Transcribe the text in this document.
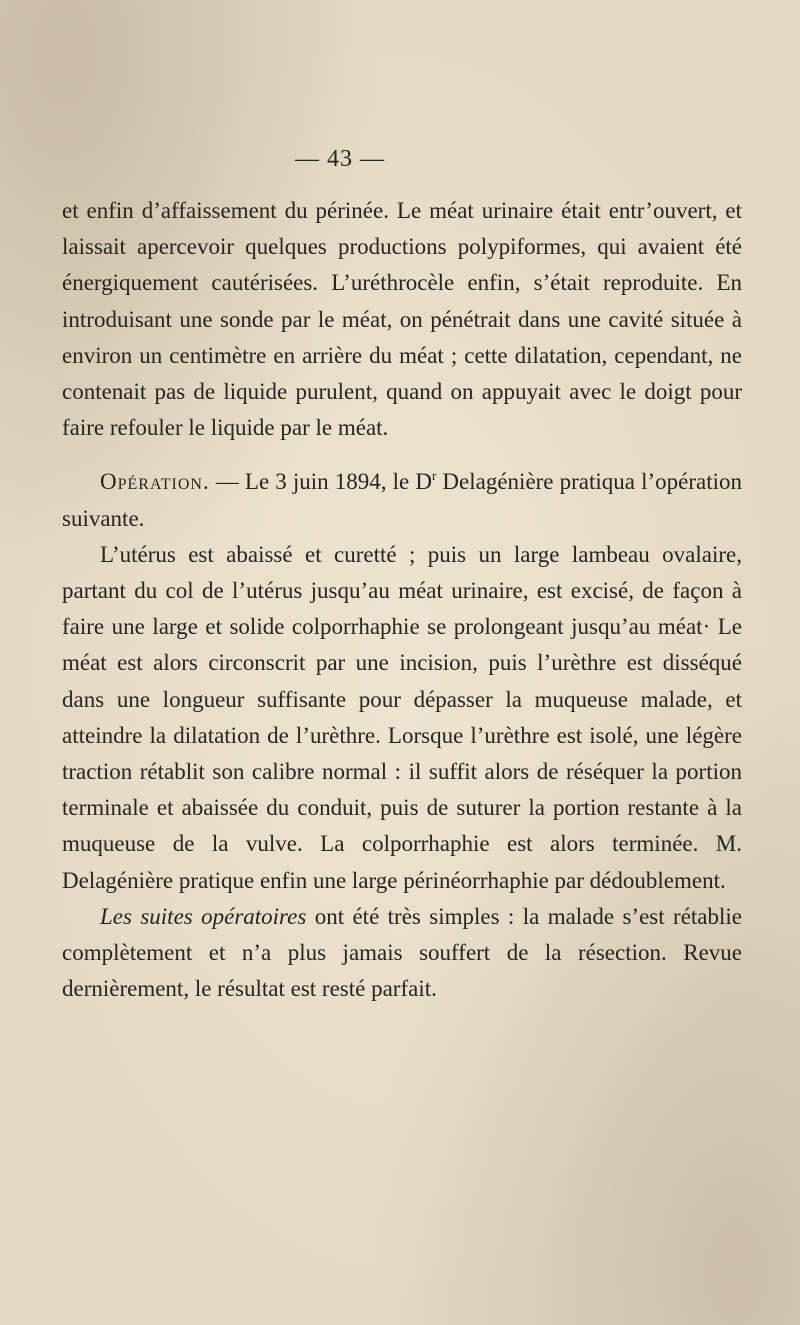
— 43 —

et enfin d’affaissement du périnée. Le méat urinaire était entr’ouvert, et laissait apercevoir quelques productions polypiformes, qui avaient été énergiquement cautérisées. L’uréthrocèle enfin, s’était reproduite. En introduisant une sonde par le méat, on pénétrait dans une cavité située à environ un centimètre en arrière du méat ; cette dilatation, cependant, ne contenait pas de liquide purulent, quand on appuyait avec le doigt pour faire refouler le liquide par le méat.

Opération. — Le 3 juin 1894, le $D^r$ Delagénière pratiqua l’opération suivante.

L’utérus est abaissé et curetté ; puis un large lambeau ovalaire, partant du col de l’utérus jusqu’au méat urinaire, est excisé, de façon à faire une large et solide colporrhaphie se prolongeant jusqu’au méat· Le méat est alors circonscrit par une incision, puis l’urèthre est disséqué dans une longueur suffisante pour dépasser la muqueuse malade, et atteindre la dilatation de l’urèthre. Lorsque l’urèthre est isolé, une légère traction rétablit son calibre normal : il suffit alors de réséquer la portion terminale et abaissée du conduit, puis de suturer la portion restante à la muqueuse de la vulve. La colporrhaphie est alors terminée. M. Delagénière pratique enfin une large périnéorrhaphie par dédoublement.

Les suites opératoires ont été très simples : la malade s’est rétablie complètement et n’a plus jamais souffert de la résection. Revue dernièrement, le résultat est resté parfait.
